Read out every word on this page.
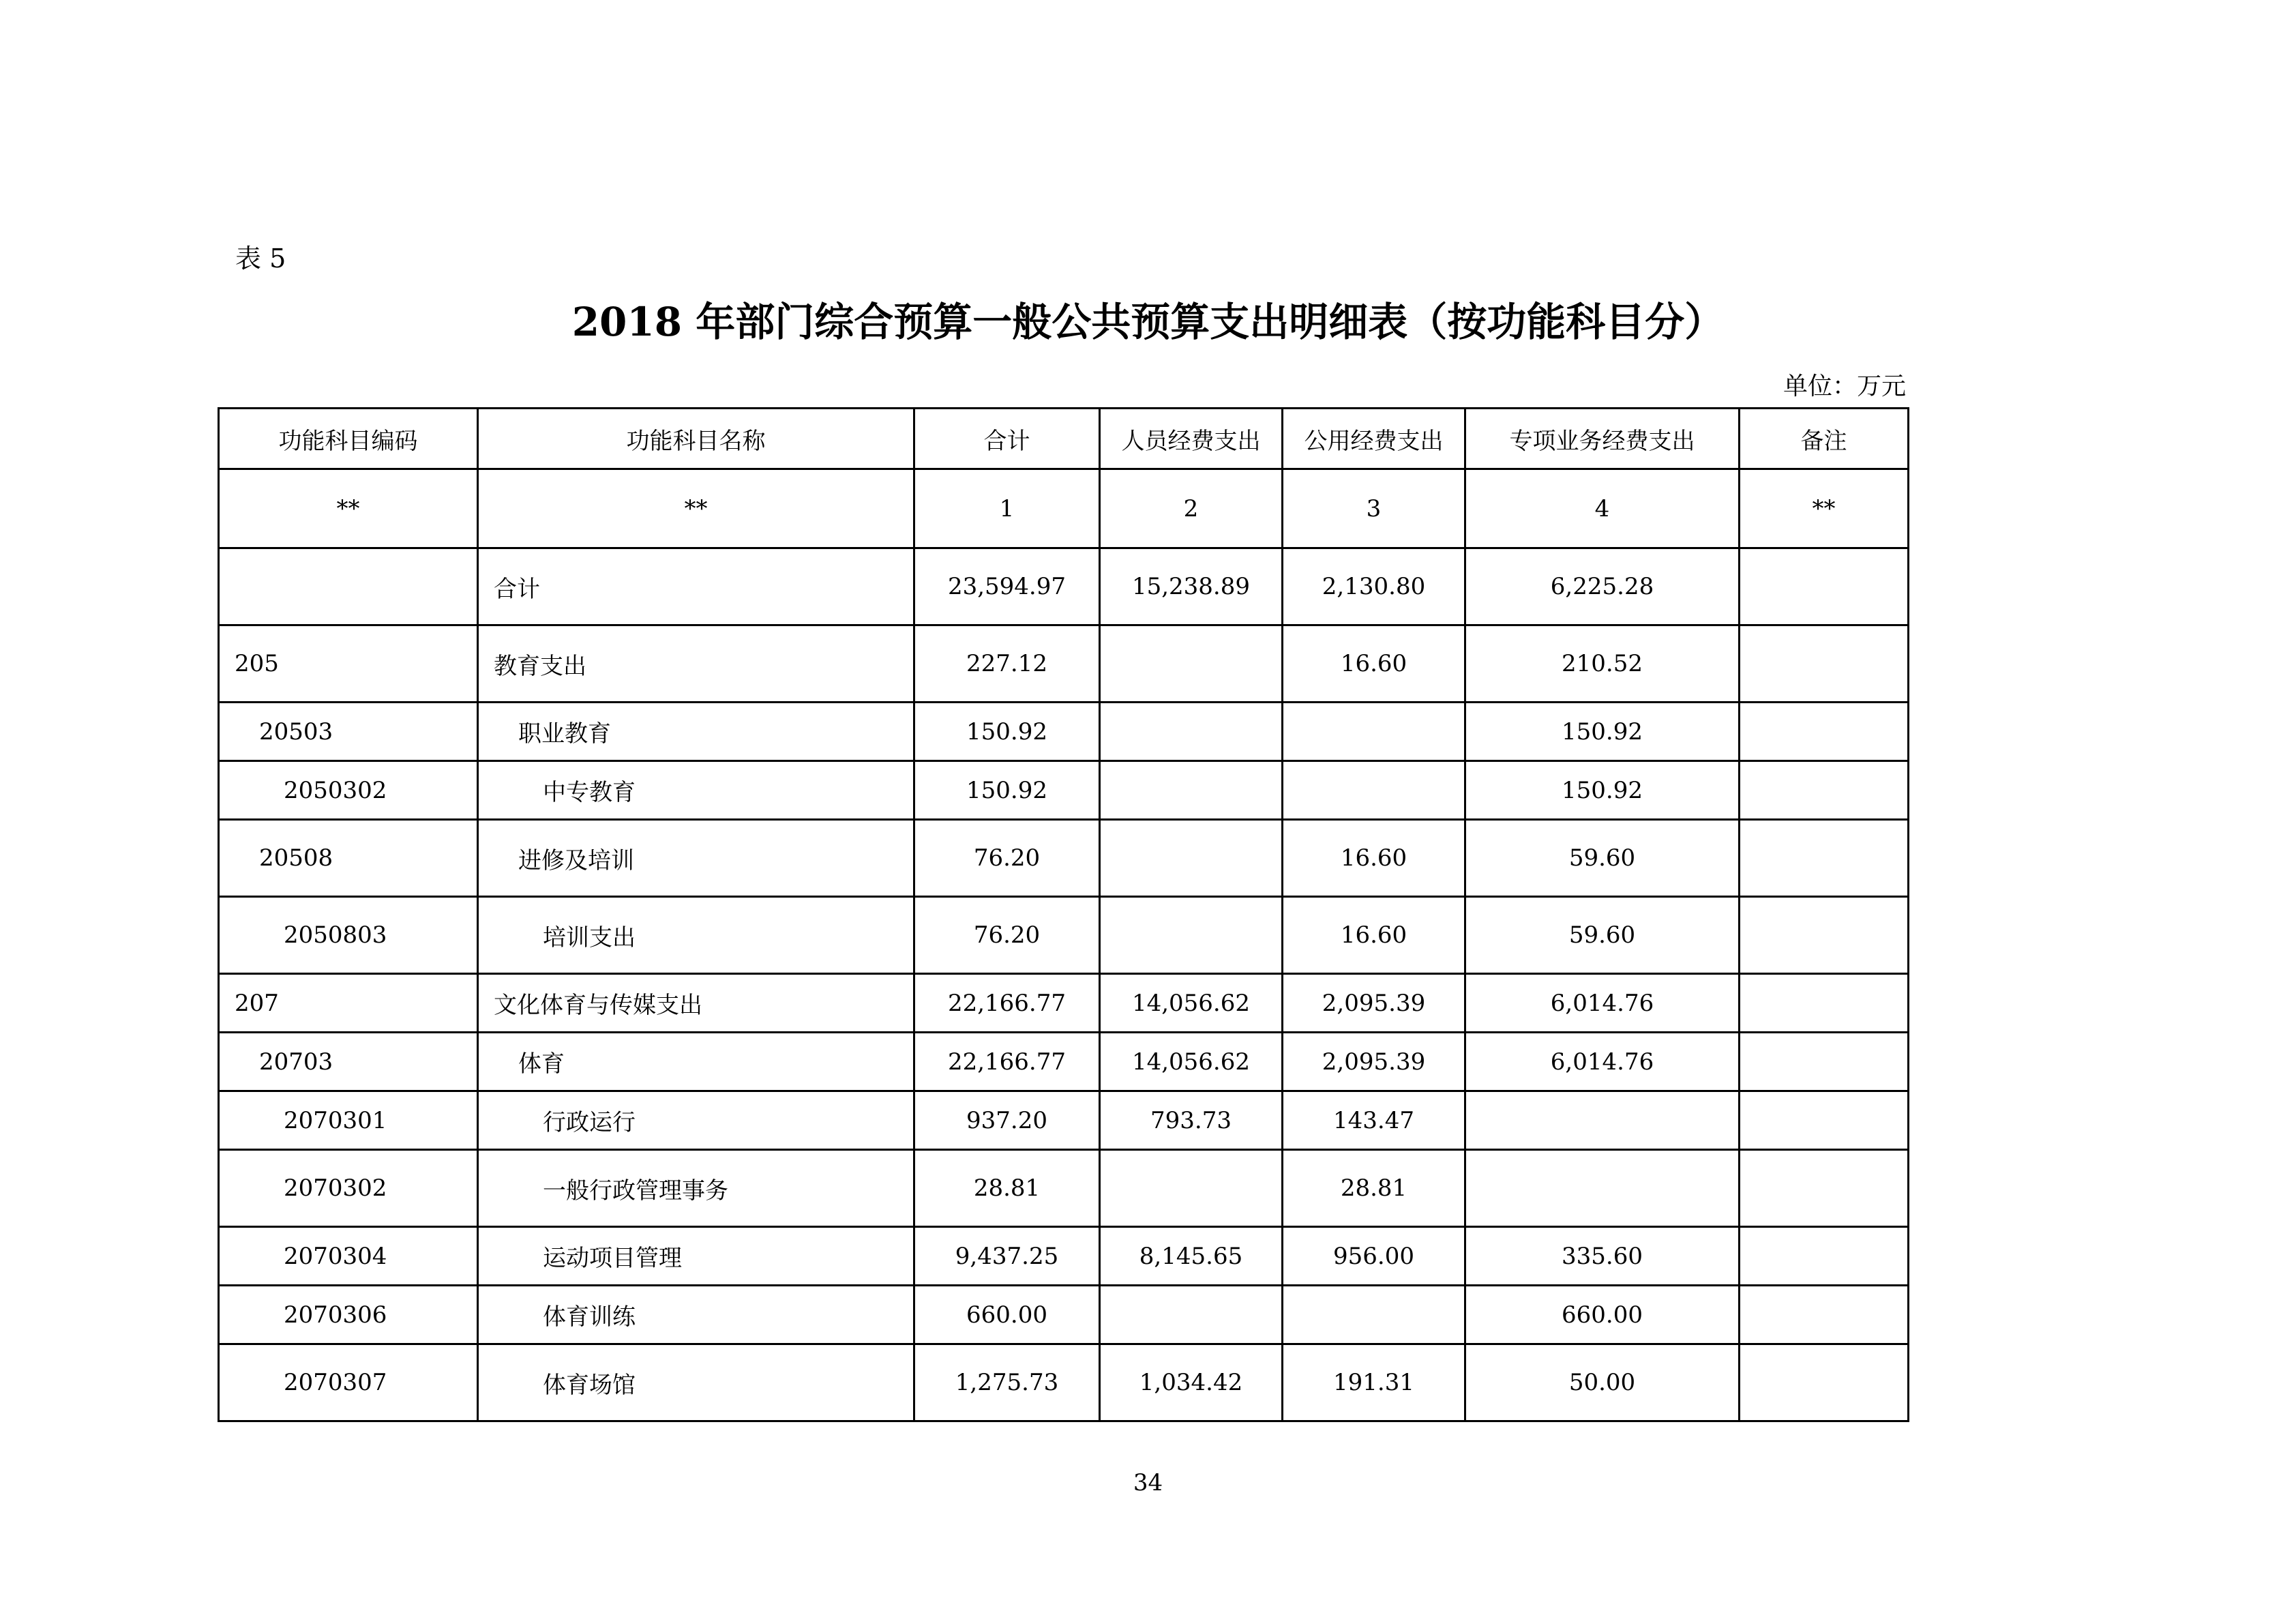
表 5
2018 年部门综合预算一般公共预算支出明细表（按功能科目分）
单位：万元
功能科目编码	功能科目名称	合计	人员经费支出	公用经费支出	专项业务经费支出	备注
**	**	1	2	3	4	**
	合计	23,594.97	15,238.89	2,130.80	6,225.28	
205	教育支出	227.12		16.60	210.52	
20503	职业教育	150.92			150.92	
2050302	中专教育	150.92			150.92	
20508	进修及培训	76.20		16.60	59.60	
2050803	培训支出	76.20		16.60	59.60	
207	文化体育与传媒支出	22,166.77	14,056.62	2,095.39	6,014.76	
20703	体育	22,166.77	14,056.62	2,095.39	6,014.76	
2070301	行政运行	937.20	793.73	143.47		
2070302	一般行政管理事务	28.81		28.81		
2070304	运动项目管理	9,437.25	8,145.65	956.00	335.60	
2070306	体育训练	660.00			660.00	
2070307	体育场馆	1,275.73	1,034.42	191.31	50.00	
34
